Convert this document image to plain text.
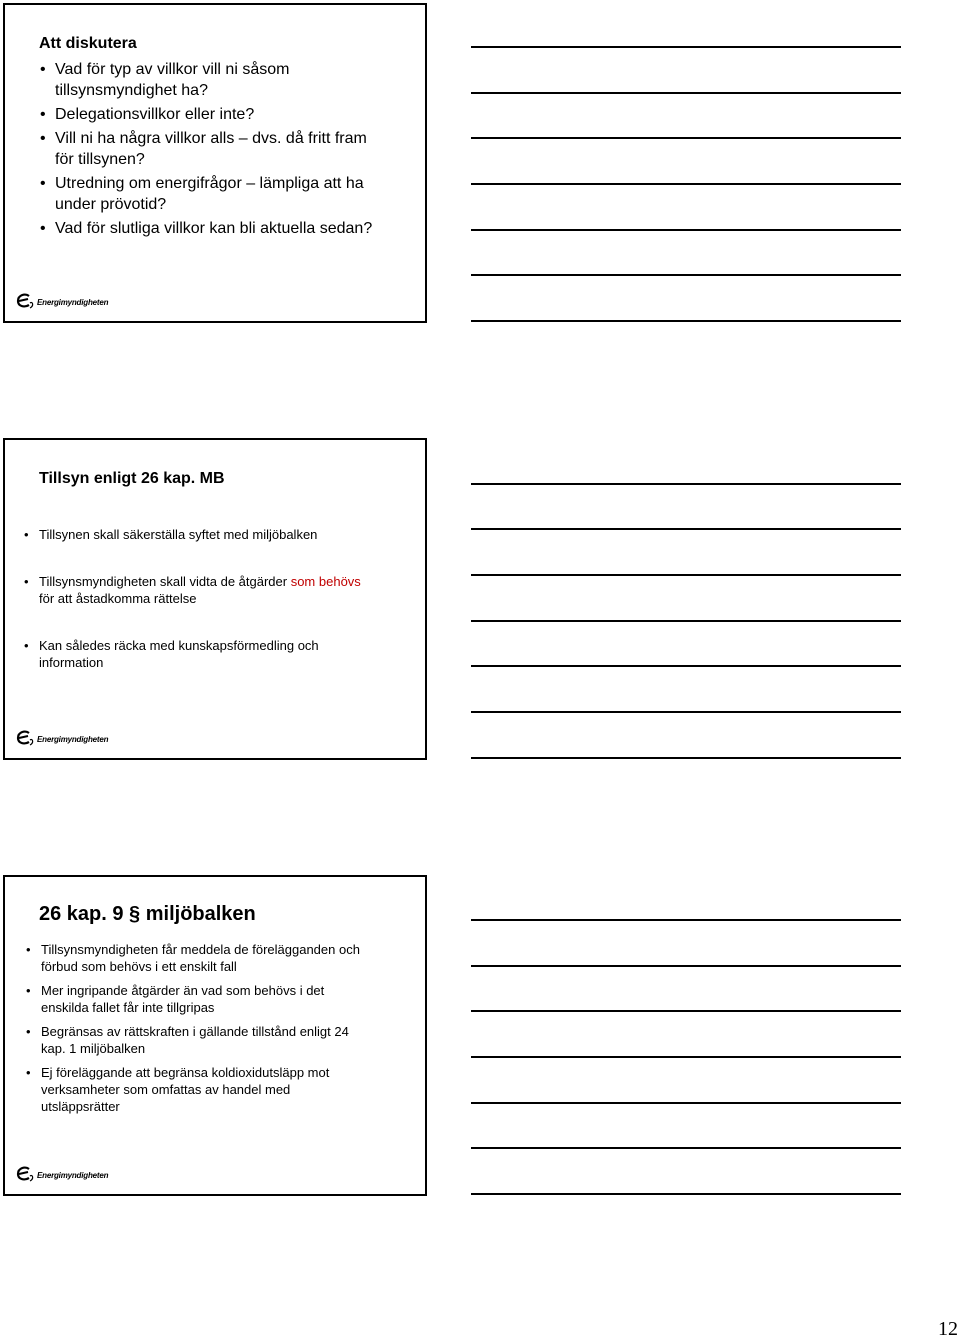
Att diskutera
• Vad för typ av villkor vill ni såsom
tillsynsmyndighet ha?
• Delegationsvillkor eller inte?
• Vill ni ha några villkor alls – dvs. då fritt fram
för tillsynen?
• Utredning om energifrågor – lämpliga att ha
under prövotid?
• Vad för slutliga villkor kan bli aktuella sedan?
Energimyndigheten
Tillsyn enligt 26 kap. MB
• Tillsynen skall säkerställa syftet med miljöbalken
• Tillsynsmyndigheten skall vidta de åtgärder som behövs för att åstadkomma rättelse
• Kan således räcka med kunskapsförmedling och information
Energimyndigheten
26 kap. 9 § miljöbalken
• Tillsynsmyndigheten får meddela de förelägganden och förbud som behövs i ett enskilt fall
• Mer ingripande åtgärder än vad som behövs i det enskilda fallet får inte tillgripas
• Begränsas av rättskraften i gällande tillstånd enligt 24 kap. 1 miljöbalken
• Ej föreläggande att begränsa koldioxidutsläpp mot verksamheter som omfattas av handel med utsläppsrätter
Energimyndigheten
12
